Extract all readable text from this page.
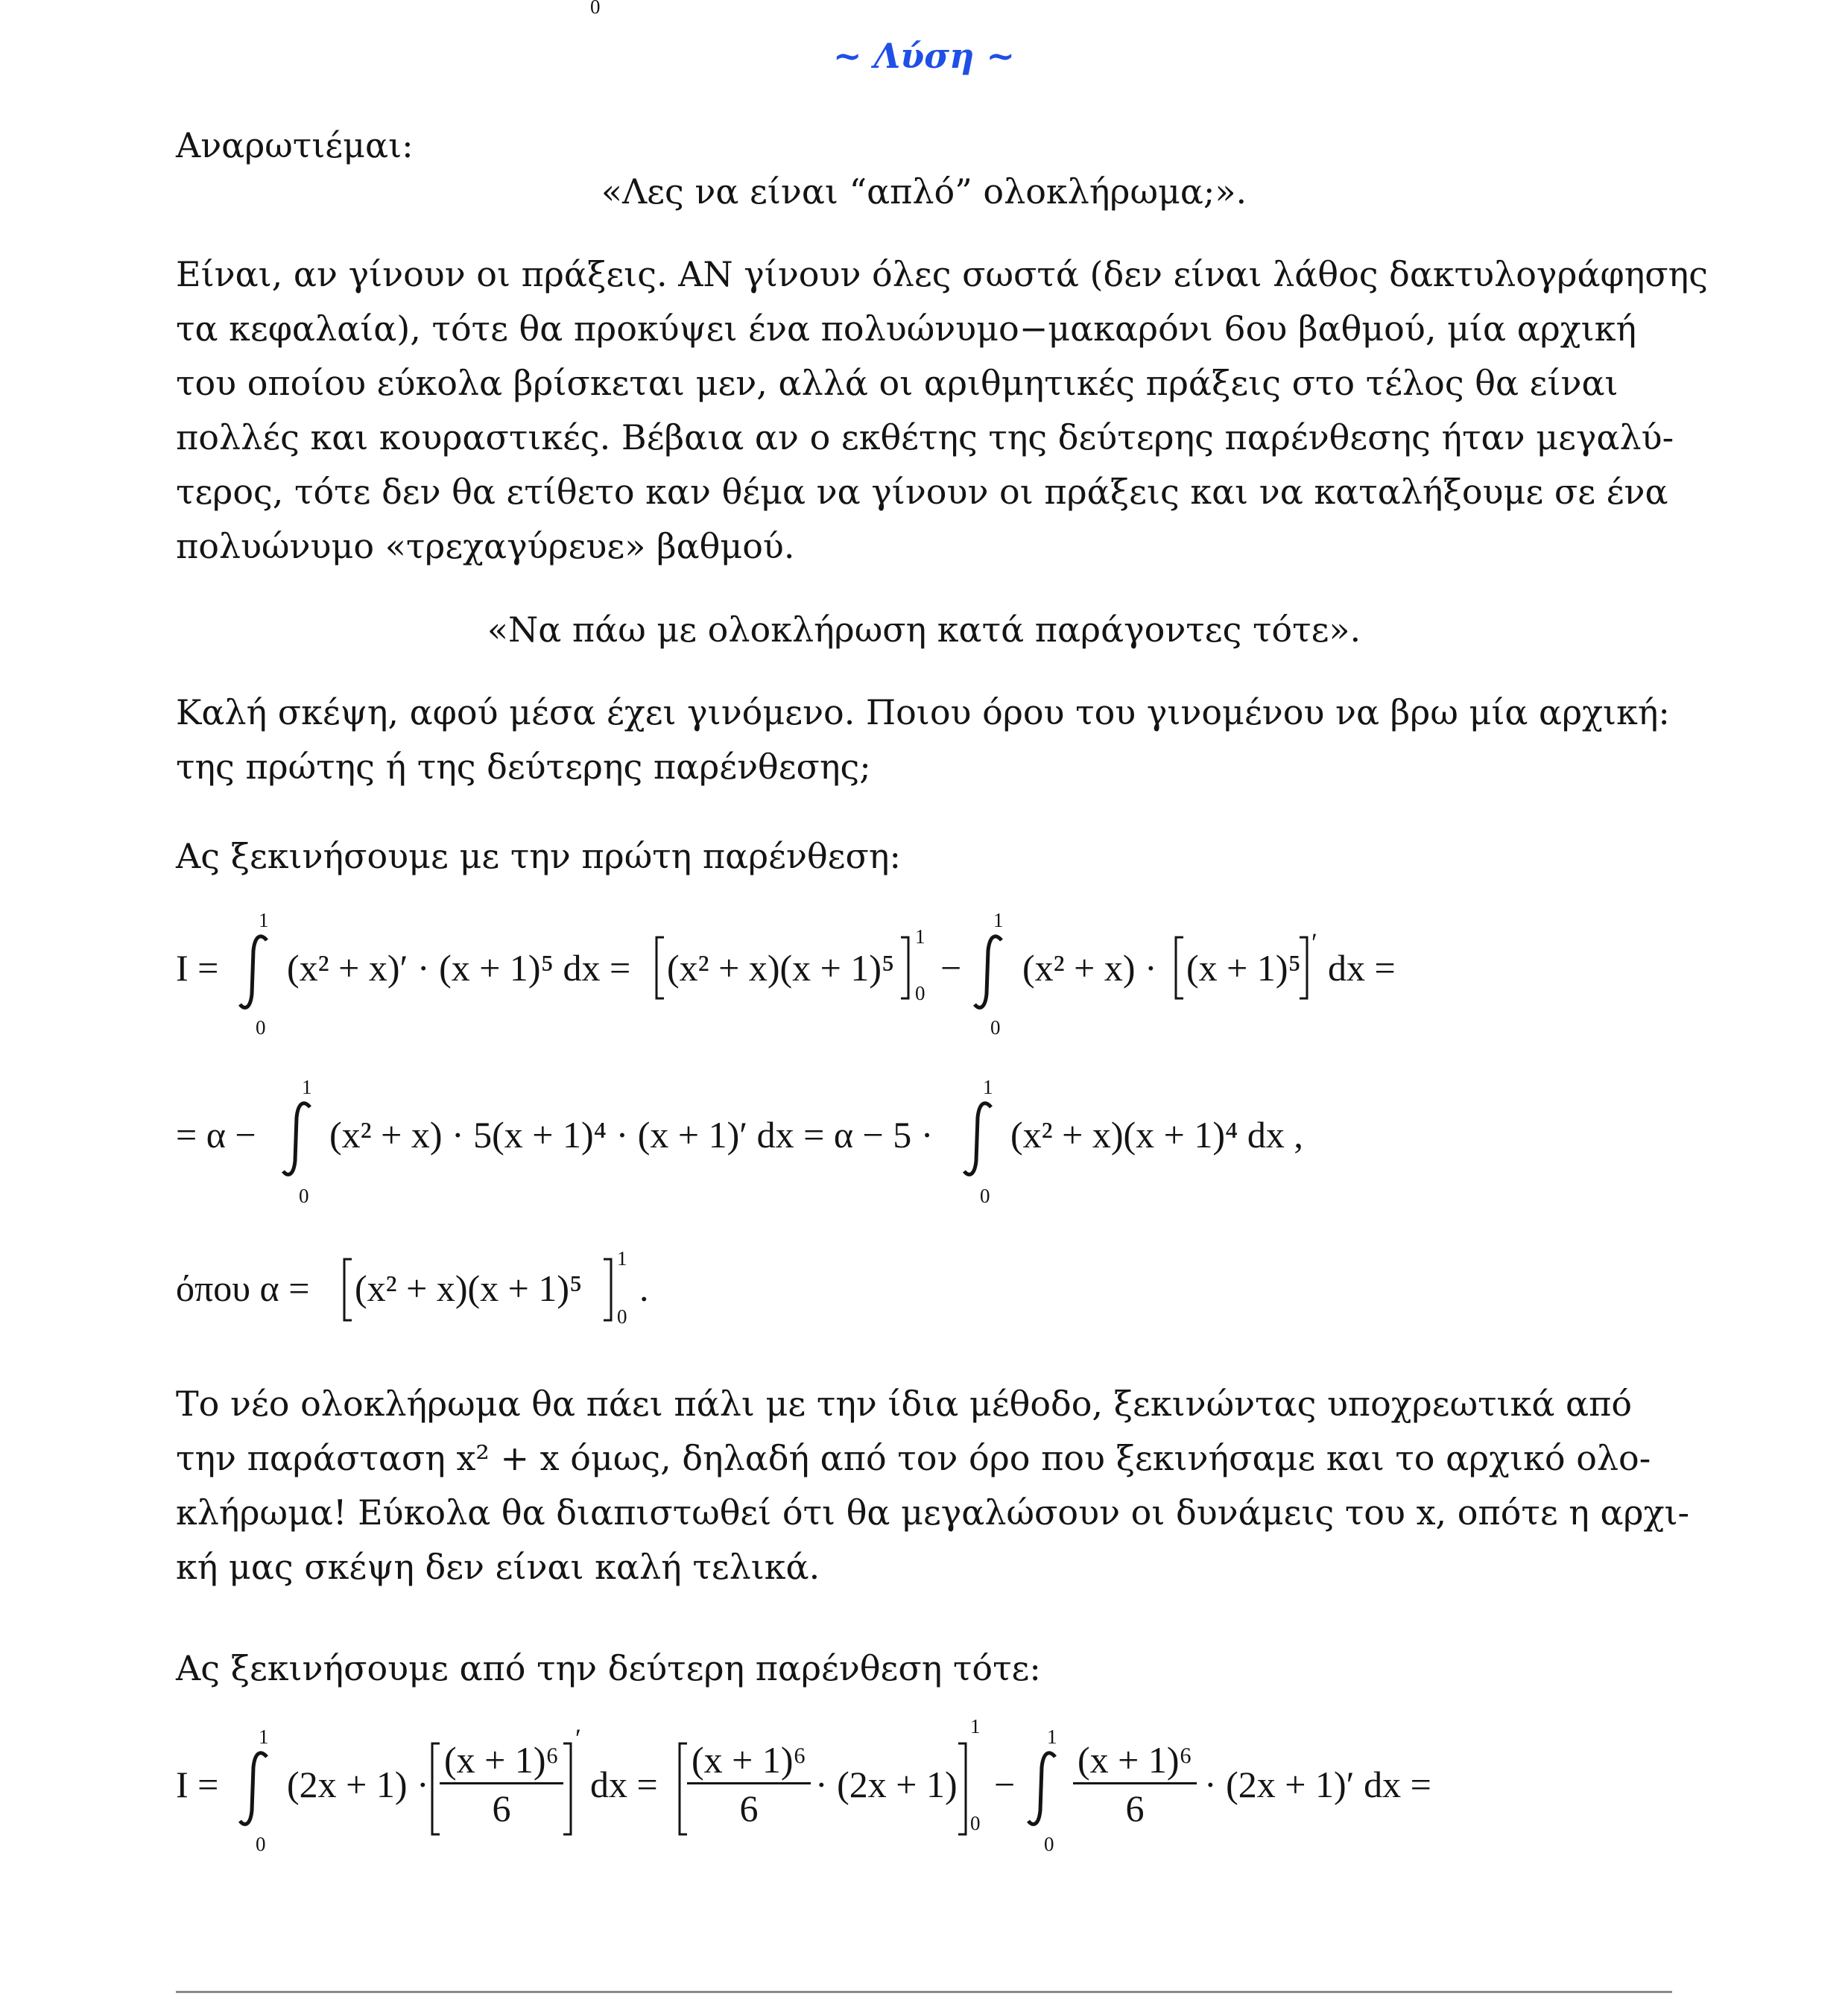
0
~ Λύση ~
Αναρωτιέμαι:
«Λες να είναι “απλό” ολοκλήρωμα;».
Είναι, αν γίνουν οι πράξεις. ΑΝ γίνουν όλες σωστά (δεν είναι λάθος δακτυλογράφησης
τα κεφαλαία), τότε θα προκύψει ένα πολυώνυμο−μακαρόνι 6ου βαθμού, μία αρχική
του οποίου εύκολα βρίσκεται μεν, αλλά οι αριθμητικές πράξεις στο τέλος θα είναι
πολλές και κουραστικές. Βέβαια αν ο εκθέτης της δεύτερης παρένθεσης ήταν μεγαλύ-
τερος, τότε δεν θα ετίθετο καν θέμα να γίνουν οι πράξεις και να καταλήξουμε σε ένα
πολυώνυμο «τρεχαγύρευε» βαθμού.
«Να πάω με ολοκλήρωση κατά παράγοντες τότε».
Καλή σκέψη, αφού μέσα έχει γινόμενο. Ποιου όρου του γινομένου να βρω μία αρχική:
της πρώτης ή της δεύτερης παρένθεσης;
Ας ξεκινήσουμε με την πρώτη παρένθεση:
I =
1
0
(x² + x)′ · (x + 1)⁵ dx = (x² + x)(x + 1)⁵
1
0
−
1
0
(x² + x) · (x + 1)⁵
′
dx =
= α −
1
0
(x² + x) · 5(x + 1)⁴ · (x + 1)′ dx = α − 5 ·
1
0
(x² + x)(x + 1)⁴ dx ,
όπου α = (x² + x)(x + 1)⁵
1
0
.
Το νέο ολοκλήρωμα θα πάει πάλι με την ίδια μέθοδο, ξεκινώντας υποχρεωτικά από
την παράσταση x² + x όμως, δηλαδή από τον όρο που ξεκινήσαμε και το αρχικό ολο-
κλήρωμα! Εύκολα θα διαπιστωθεί ότι θα μεγαλώσουν οι δυνάμεις του x, οπότε η αρχι-
κή μας σκέψη δεν είναι καλή τελικά.
Ας ξεκινήσουμε από την δεύτερη παρένθεση τότε:
I =
1
0
$(2x + 1) \cdot \frac{\text{(x + 1)⁶}}{6}$ ′
dx = $\frac{\text{(x + 1)⁶}}{6} \cdot (2x + 1)$
1
0
−
1
0
$\frac{\text{(x + 1)⁶}}{6} \cdot (2x + 1)'$ dx =
